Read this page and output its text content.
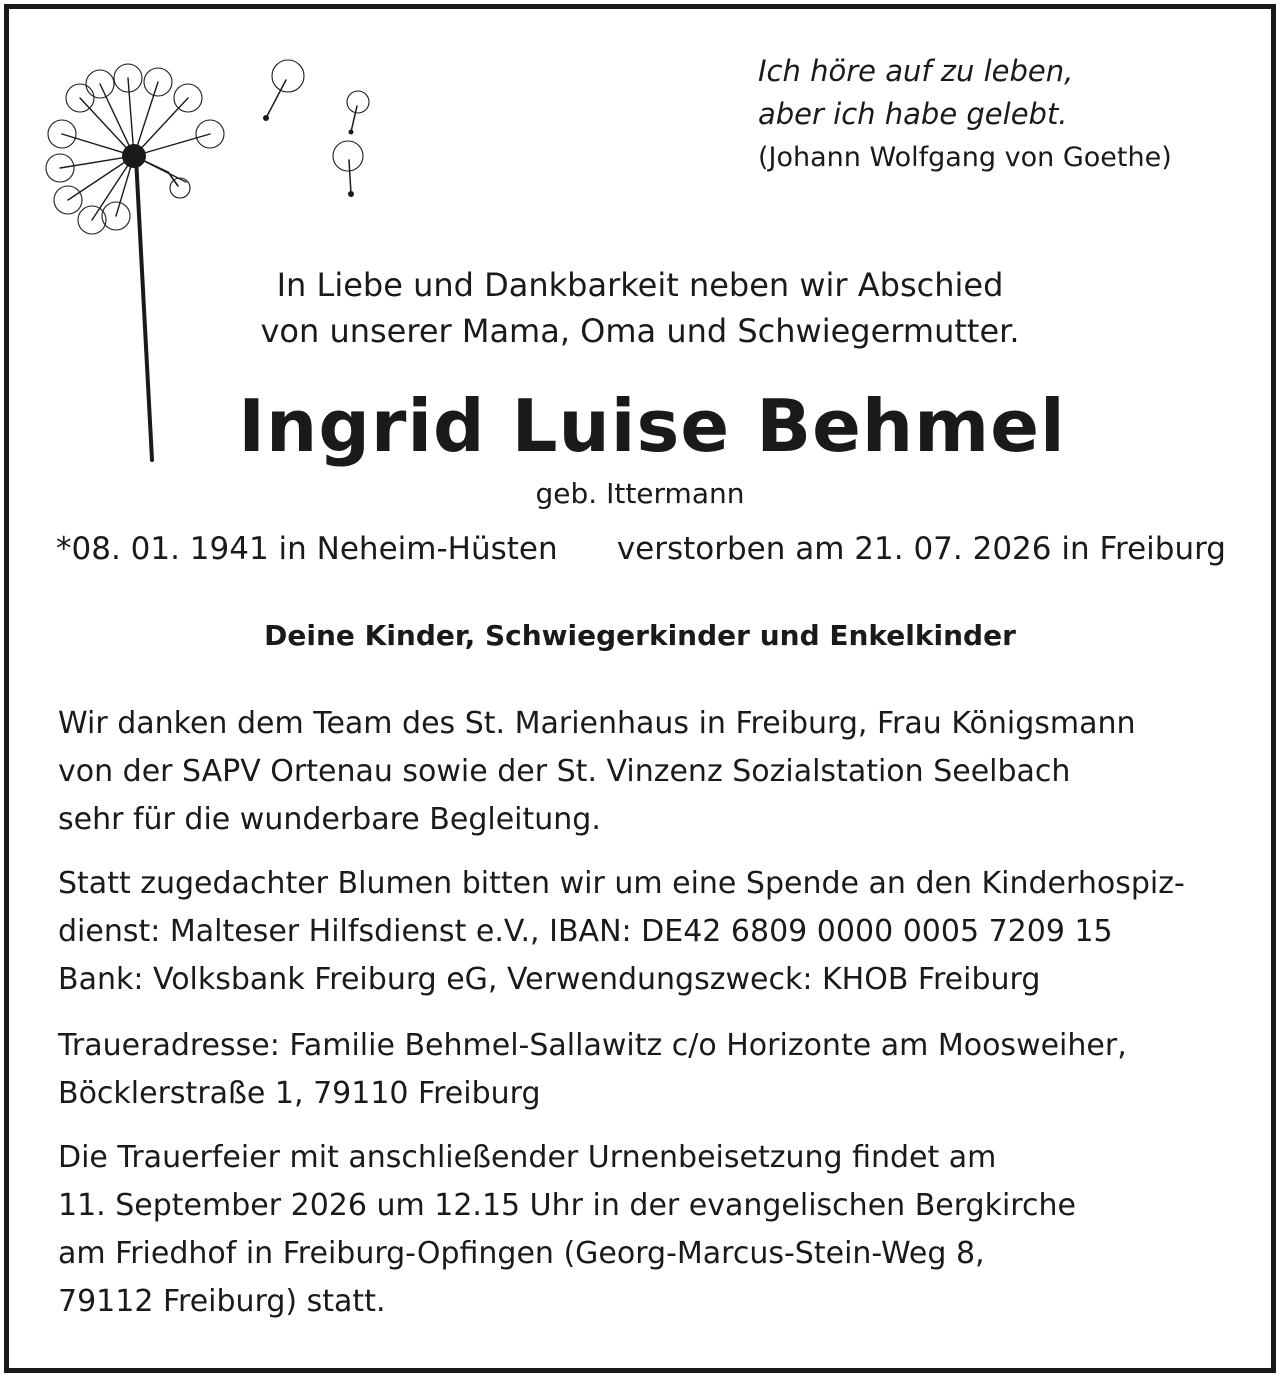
Ich höre auf zu leben,
aber ich habe gelebt.
(Johann Wolfgang von Goethe)
In Liebe und Dankbarkeit neben wir Abschied
von unserer Mama, Oma und Schwiegermutter.
Ingrid Luise Behmel
geb. Ittermann
*08. 01. 1941 in Neheim-Hüsten verstorben am 21. 07. 2026 in Freiburg
Deine Kinder, Schwiegerkinder und Enkelkinder
Wir danken dem Team des St. Marienhaus in Freiburg, Frau Königsmann
von der SAPV Ortenau sowie der St. Vinzenz Sozialstation Seelbach
sehr für die wunderbare Begleitung.
Statt zugedachter Blumen bitten wir um eine Spende an den Kinderhospiz-
dienst: Malteser Hilfsdienst e.V., IBAN: DE42 6809 0000 0005 7209 15
Bank: Volksbank Freiburg eG, Verwendungszweck: KHOB Freiburg
Traueradresse: Familie Behmel-Sallawitz c/o Horizonte am Moosweiher,
Böcklerstraße 1, 79110 Freiburg
Die Trauerfeier mit anschließender Urnenbeisetzung findet am
11. September 2026 um 12.15 Uhr in der evangelischen Bergkirche
am Friedhof in Freiburg-Opfingen (Georg-Marcus-Stein-Weg 8,
79112 Freiburg) statt.
